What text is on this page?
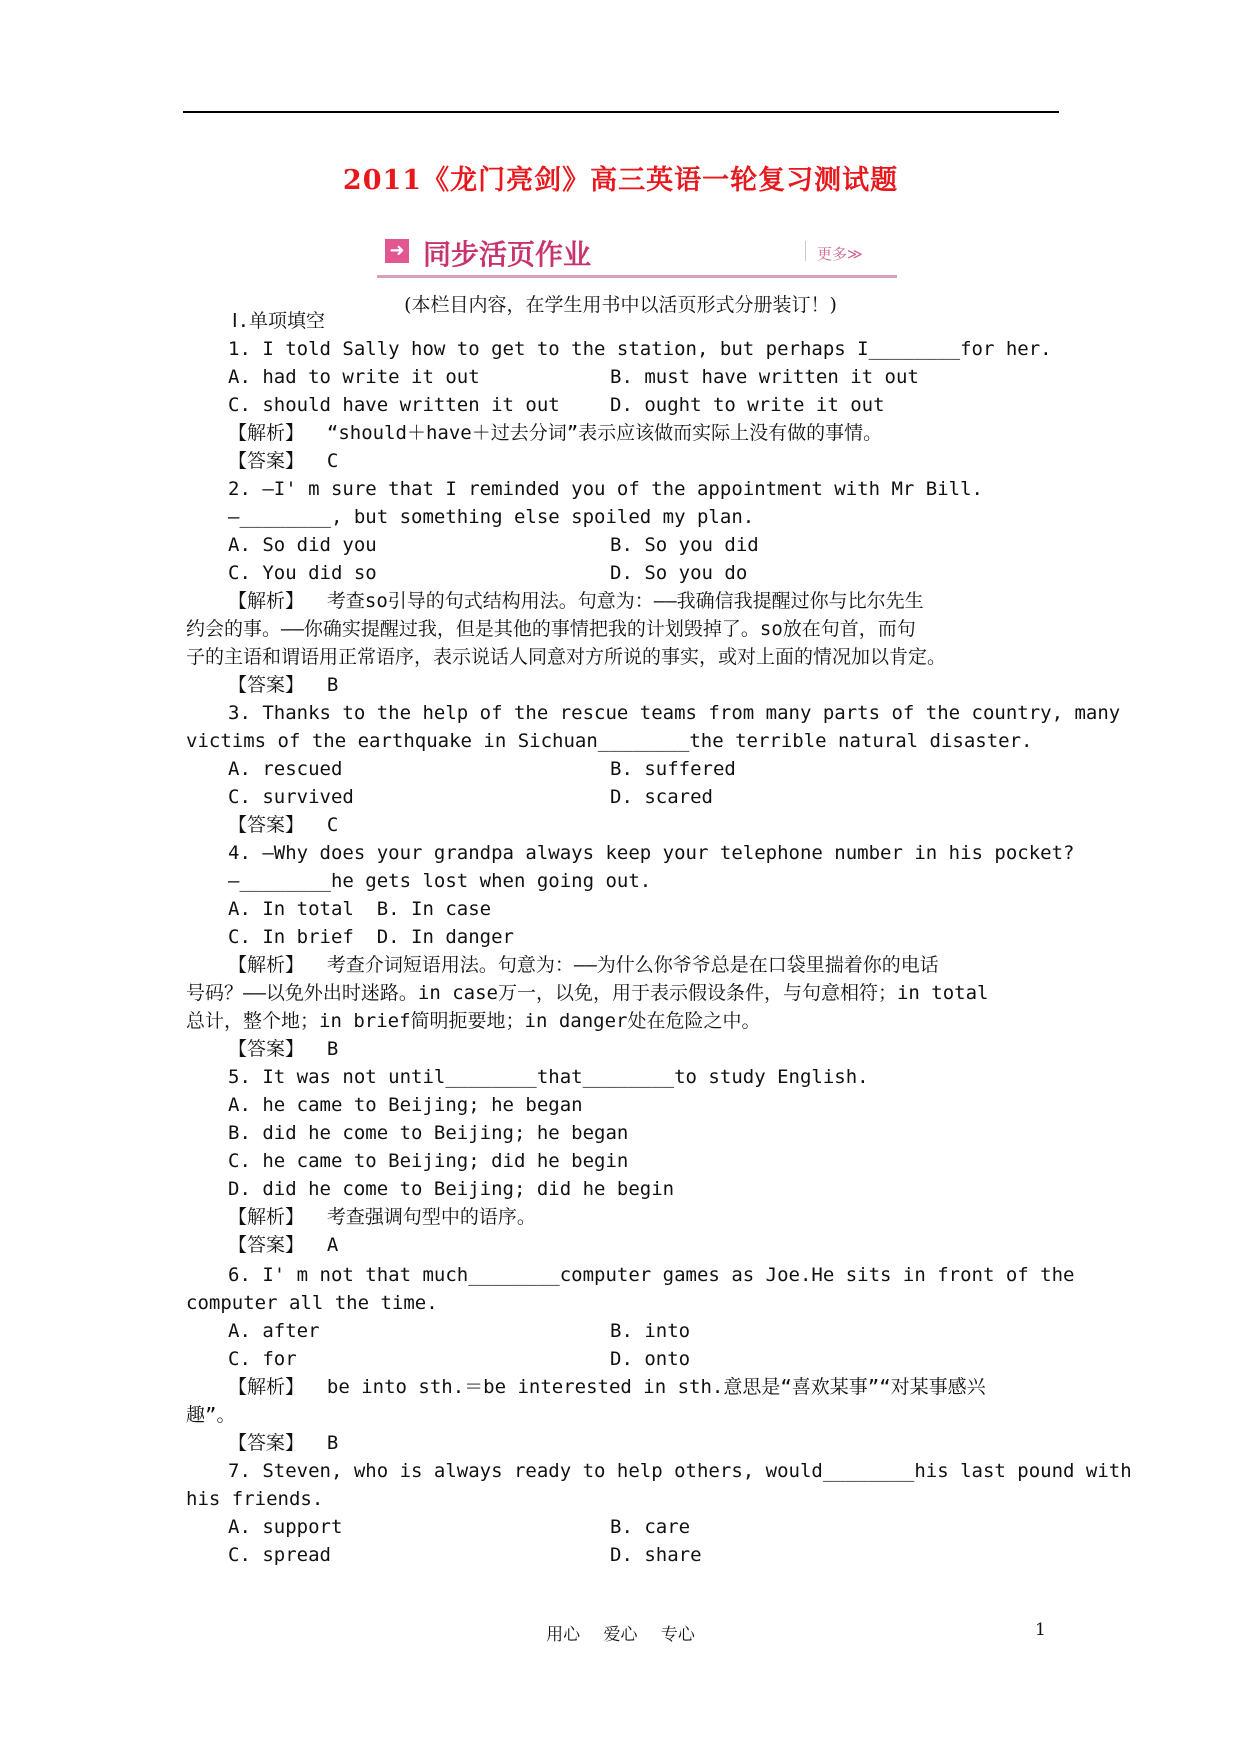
2011《龙门亮剑》高三英语一轮复习测试题
➜ 同步活页作业	更多≫
(本栏目内容，在学生用书中以活页形式分册装订！)
Ⅰ.单项填空
1. I told Sally how to get to the station, but perhaps I________for her.
A. had to write it out	B. must have written it out
C. should have written it out	D. ought to write it out
【解析】  “should＋have＋过去分词”表示应该做而实际上没有做的事情。
【答案】  C
2. —I' m sure that I reminded you of the appointment with Mr Bill.
—________, but something else spoiled my plan.
A. So did you	B. So you did
C. You did so	D. So you do
【解析】  考查so引导的句式结构用法。句意为：——我确信我提醒过你与比尔先生
约会的事。——你确实提醒过我，但是其他的事情把我的计划毁掉了。so放在句首，而句
子的主语和谓语用正常语序，表示说话人同意对方所说的事实，或对上面的情况加以肯定。
【答案】  B
3. Thanks to the help of the rescue teams from many parts of the country, many
victims of the earthquake in Sichuan________the terrible natural disaster.
A. rescued	B. suffered
C. survived	D. scared
【答案】  C
4. —Why does your grandpa always keep your telephone number in his pocket?
—________he gets lost when going out.
A. In total  B. In case
C. In brief  D. In danger
【解析】  考查介词短语用法。句意为：——为什么你爷爷总是在口袋里揣着你的电话
号码？——以免外出时迷路。in case万一，以免，用于表示假设条件，与句意相符；in total
总计，整个地；in brief简明扼要地；in danger处在危险之中。
【答案】  B
5. It was not until________that________to study English.
A. he came to Beijing; he began
B. did he come to Beijing; he began
C. he came to Beijing; did he begin
D. did he come to Beijing; did he begin
【解析】  考查强调句型中的语序。
【答案】  A
6. I' m not that much________computer games as Joe.He sits in front of the
computer all the time.
A. after	B. into
C. for	D. onto
【解析】  be into sth.＝be interested in sth.意思是“喜欢某事”“对某事感兴
趣”。
【答案】  B
7. Steven, who is always ready to help others, would________his last pound with
his friends.
A. support	B. care
C. spread	D. share
用心 爱心 专心	1
